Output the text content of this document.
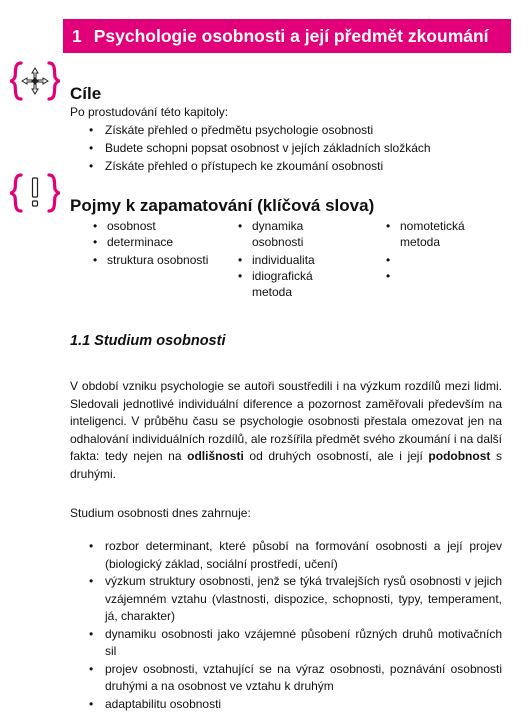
1 Psychologie osobnosti a její předmět zkoumání
Cíle
Po prostudování této kapitoly:
• Získáte přehled o předmětu psychologie osobnosti
• Budete schopni popsat osobnost v jejích základních složkách
• Získáte přehled o přístupech ke zkoumání osobnosti
Pojmy k zapamatování (klíčová slova)
• osobnost
• determinace
• struktura osobnosti
• dynamika osobnosti
• individualita
• idiografická metoda
• nomotetická metoda
•
•
1.1 Studium osobnosti

V období vzniku psychologie se autoři soustředili i na výzkum rozdílů mezi lidmi. Sledovali jednotlivé individuální diference a pozornost zaměřovali především na inteligenci. V průběhu času se psychologie osobnosti přestala omezovat jen na odhalování individuálních rozdílů, ale rozšířila předmět svého zkoumání i na další fakta: tedy nejen na odlišnosti od druhých osobností, ale i její podobnost s druhými.

Studium osobnosti dnes zahrnuje:
• rozbor determinant, které působí na formování osobnosti a její projev (biologický základ, sociální prostředí, učení)
• výzkum struktury osobnosti, jenž se týká trvalejších rysů osobnosti v jejich vzájemném vztahu (vlastnosti, dispozice, schopnosti, typy, temperament, já, charakter)
• dynamiku osobnosti jako vzájemné působení různých druhů motivačních sil
• projev osobnosti, vztahující se na výraz osobnosti, poznávání osobnosti druhými a na osobnost ve vztahu k druhým
• adaptabilitu osobnosti
